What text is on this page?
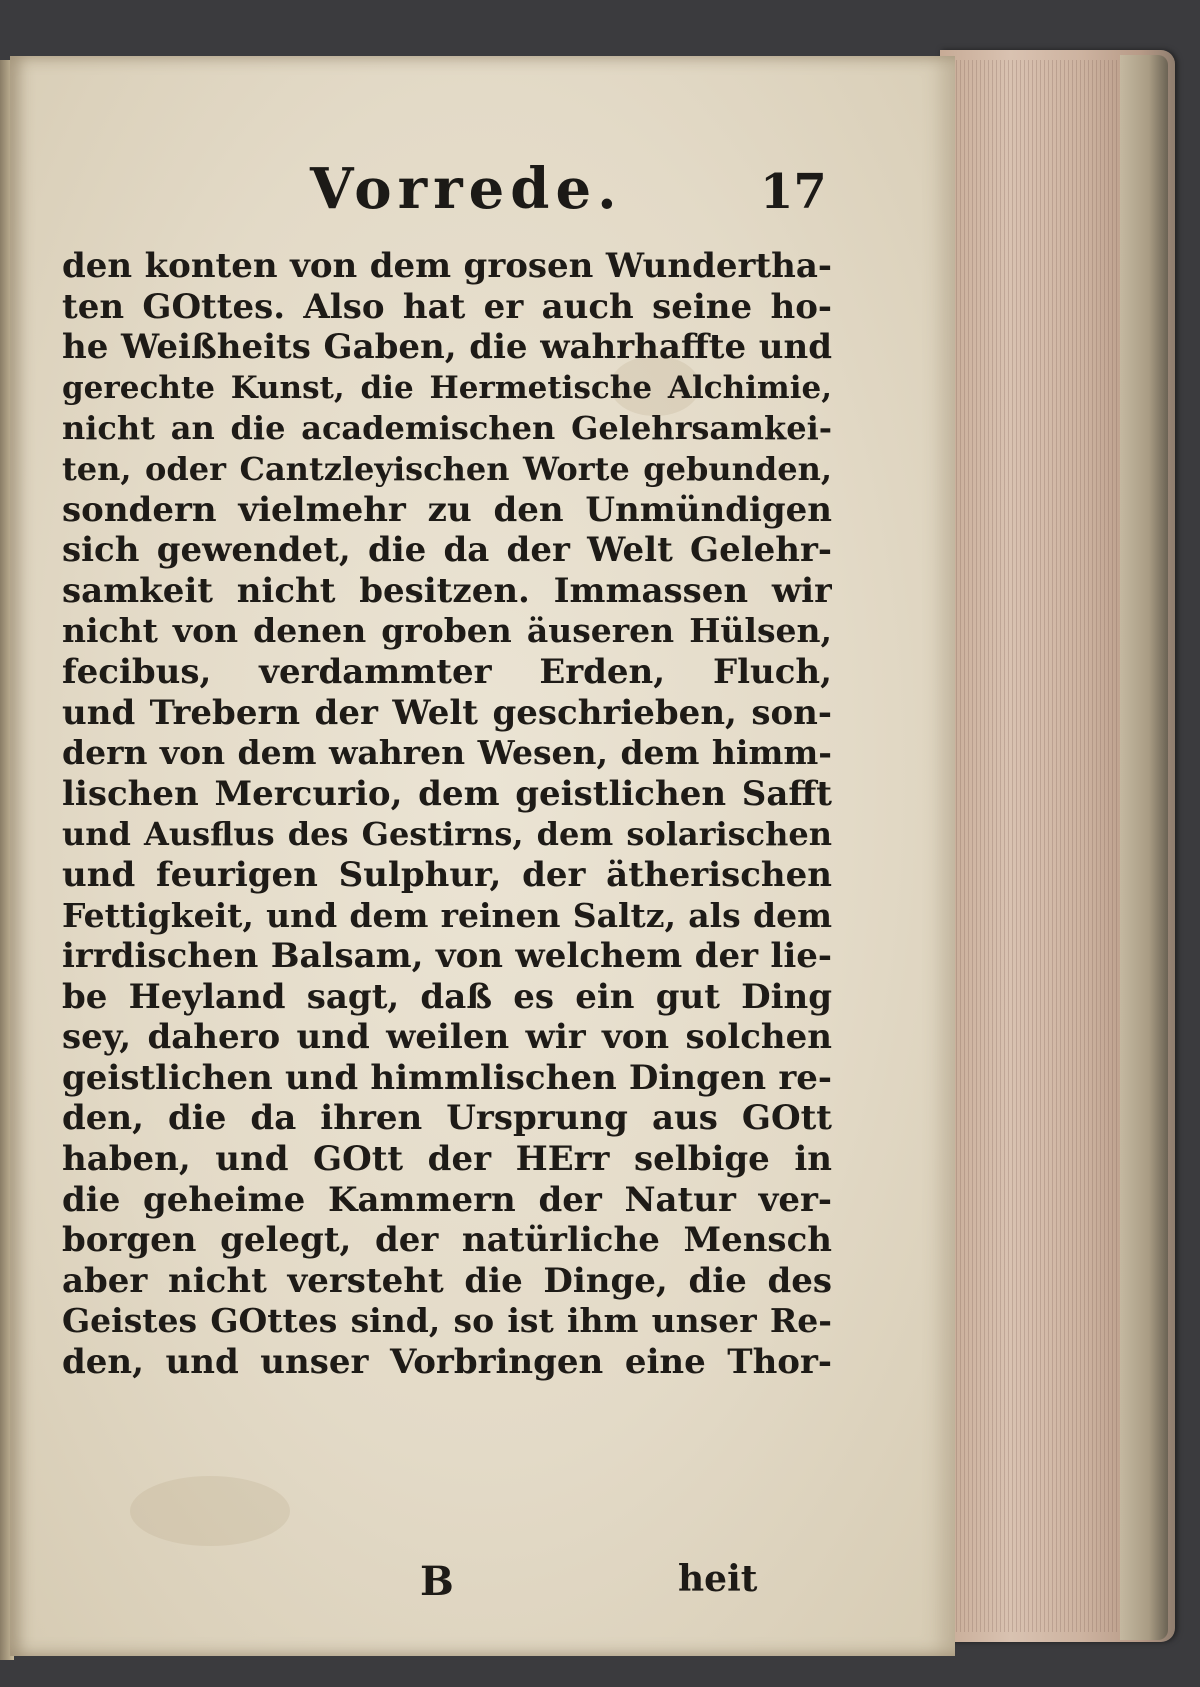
Vorrede.	17
den konten von dem grosen Wundertha-
ten GOttes. Also hat er auch seine ho-
he Weißheits Gaben, die wahrhaffte und
gerechte Kunst, die Hermetische Alchimie,
nicht an die academischen Gelehrsamkei-
ten, oder Cantzleyischen Worte gebunden,
sondern vielmehr zu den Unmündigen
sich gewendet, die da der Welt Gelehr-
samkeit nicht besitzen. Immassen wir
nicht von denen groben äuseren Hülsen,
fecibus, verdammter Erden, Fluch,
und Trebern der Welt geschrieben, son-
dern von dem wahren Wesen, dem himm-
lischen Mercurio, dem geistlichen Safft
und Ausflus des Gestirns, dem solarischen
und feurigen Sulphur, der ätherischen
Fettigkeit, und dem reinen Saltz, als dem
irrdischen Balsam, von welchem der lie-
be Heyland sagt, daß es ein gut Ding
sey, dahero und weilen wir von solchen
geistlichen und himmlischen Dingen re-
den, die da ihren Ursprung aus GOtt
haben, und GOtt der HErr selbige in
die geheime Kammern der Natur ver-
borgen gelegt, der natürliche Mensch
aber nicht versteht die Dinge, die des
Geistes GOttes sind, so ist ihm unser Re-
den, und unser Vorbringen eine Thor-
B	heit
